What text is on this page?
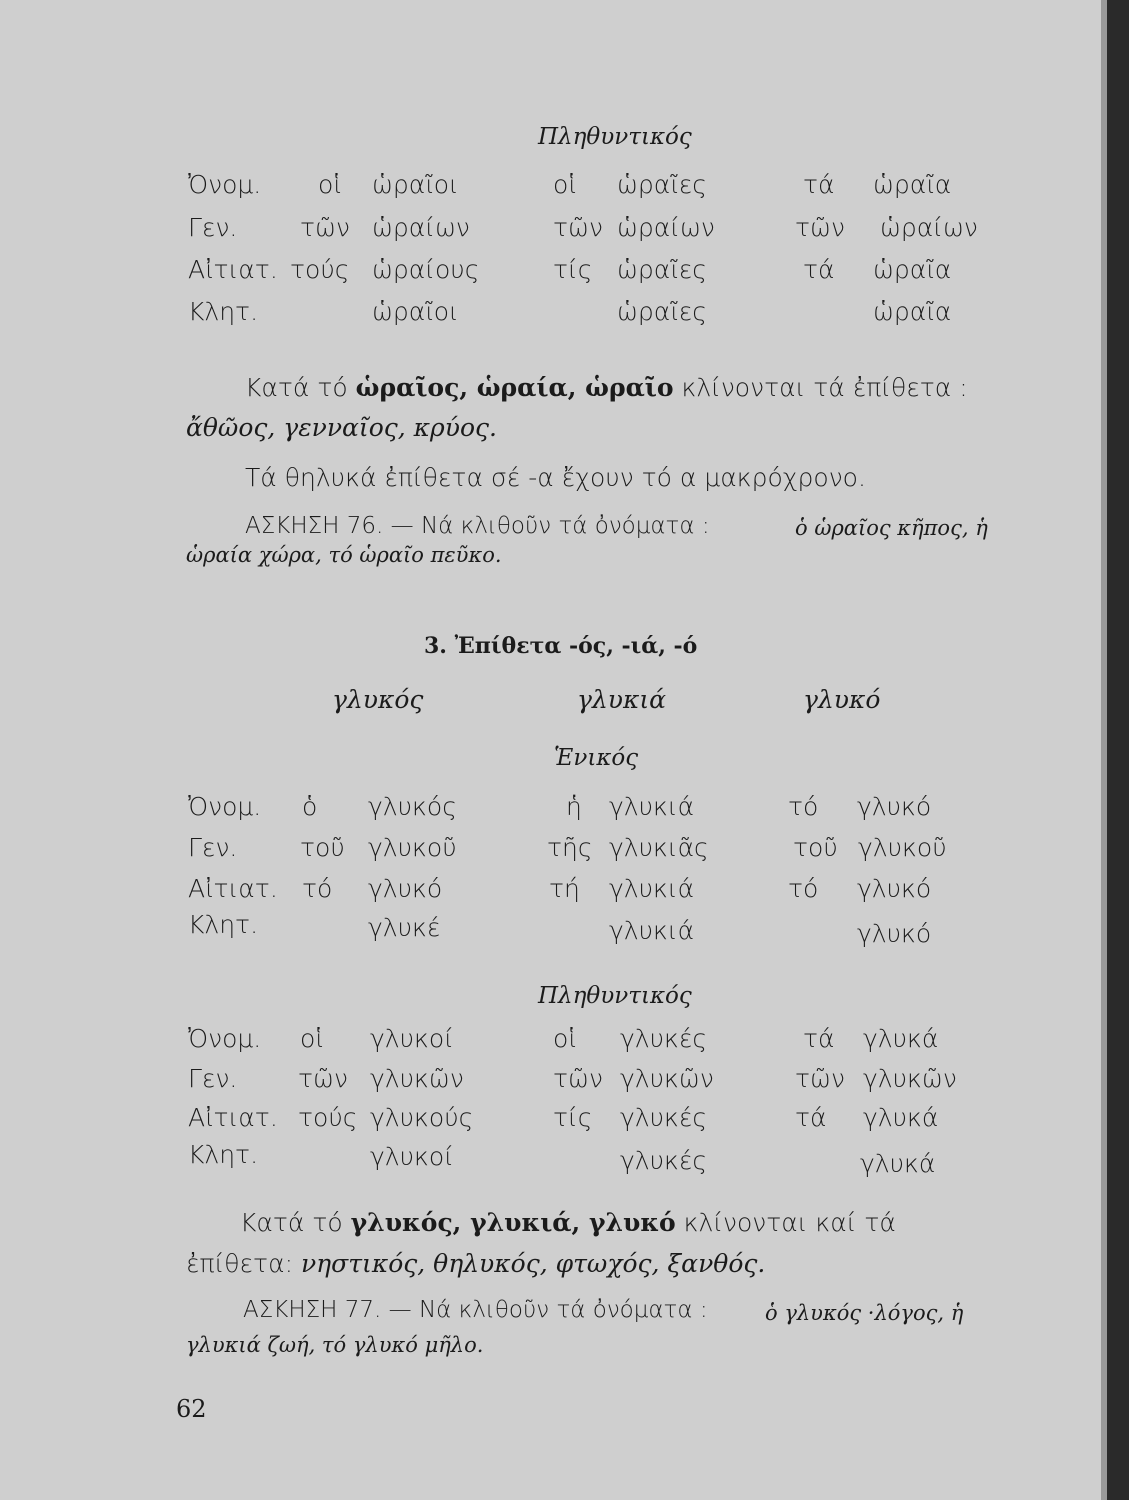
Πληθυντικός
Ὀνομ. οἱ ὡραῖοι	οἱ ὡραῖες	τά ὡραῖα
Γεν.	τῶν ὡραίων	τῶν ὡραίων	τῶν ὡραίων
Αἰτιατ. τούς ὡραίους	τίς ὡραῖες	τά ὡραῖα
Κλητ.	ὡραῖοι	ὡραῖες	ὡραῖα
Κατά τό ὡραῖος, ὡραία, ὡραῖο κλίνονται τά ἐπίθετα :
ἄθῶος, γενναῖος, κρύος.
Τά θηλυκά ἐπίθετα σέ -α ἔχουν τό α μακρόχρονο.
ΑΣΚΗΣΗ 76. — Νά κλιθοῦν τά ὀνόματα :	ὁ ὡραῖος κῆπος, ἡ
ὡραία χώρα, τό ὡραῖο πεῦκο.
3. Ἐπίθετα -ός, -ιά, -ό
γλυκός	γλυκιά	γλυκό
Ἑνικός
Ὀνομ. ὁ γλυκός	ἡ γλυκιά	τό γλυκό
Γεν.	τοῦ γλυκοῦ	τῆς γλυκιᾶς	τοῦ γλυκοῦ
Αἰτιατ. τό γλυκό	τή γλυκιά	τό γλυκό
Κλητ.	γλυκέ	γλυκιά	γλυκό
Πληθυντικός
Ὀνομ. οἱ γλυκοί	οἱ γλυκές	τά γλυκά
Γεν. τῶν γλυκῶν	τῶν γλυκῶν	τῶν γλυκῶν
Αἰτιατ. τούς γλυκούς	τίς γλυκές	τά γλυκά
Κλητ.	γλυκοί	γλυκές	γλυκά
Κατά τό γλυκός, γλυκιά, γλυκό κλίνονται καί τά
ἐπίθετα: νηστικός, θηλυκός, φτωχός, ξανθός.
ΑΣΚΗΣΗ 77. — Νά κλιθοῦν τά ὀνόματα :	ὁ γλυκός ·λόγος, ἡ
γλυκιά ζωή, τό γλυκό μῆλο.
62
